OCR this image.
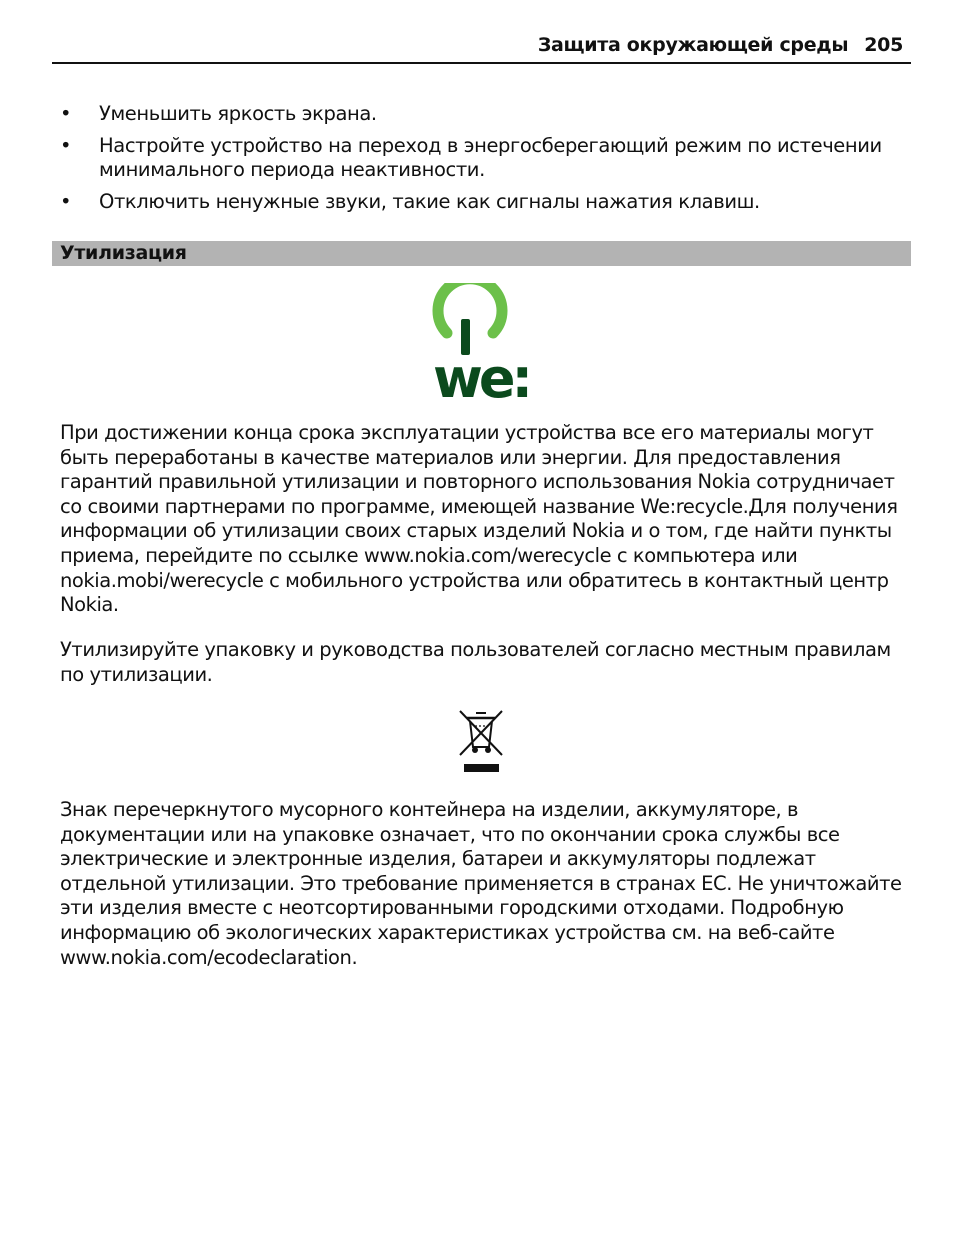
Защита окружающей среды 205
• Уменьшить яркость экрана.
• Настройте устройство на переход в энергосберегающий режим по истечении минимального периода неактивности.
• Отключить ненужные звуки, такие как сигналы нажатия клавиш.
Утилизация
we:

При достижении конца срока эксплуатации устройства все его материалы могут быть переработаны в качестве материалов или энергии. Для предоставления гарантий правильной утилизации и повторного использования Nokia сотрудничает со своими партнерами по программе, имеющей название We:recycle.Для получения информации об утилизации своих старых изделий Nokia и о том, где найти пункты приема, перейдите по ссылке www.nokia.com/werecycle с компьютера или nokia.mobi/werecycle с мобильного устройства или обратитесь в контактный центр Nokia.

Утилизируйте упаковку и руководства пользователей согласно местным правилам по утилизации.

Знак перечеркнутого мусорного контейнера на изделии, аккумуляторе, в документации или на упаковке означает, что по окончании срока службы все электрические и электронные изделия, батареи и аккумуляторы подлежат отдельной утилизации. Это требование применяется в странах ЕС. Не уничтожайте эти изделия вместе с неотсортированными городскими отходами. Подробную информацию об экологических характеристиках устройства см. на веб-сайте www.nokia.com/ecodeclaration.
